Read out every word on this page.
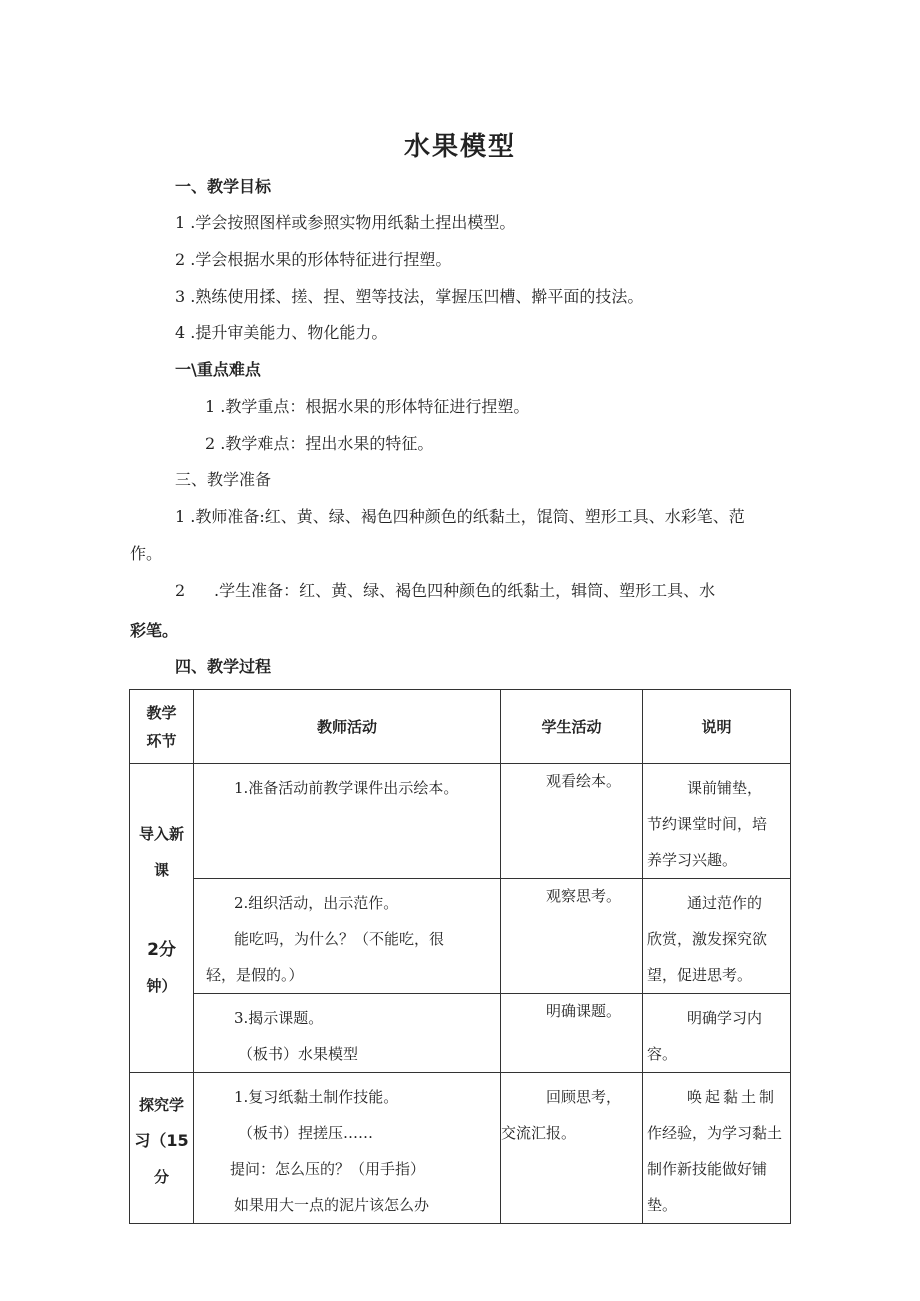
水果模型
一、教学目标
1 .学会按照图样或参照实物用纸黏土捏出模型。
2 .学会根据水果的形体特征进行捏塑。
3 .熟练使用揉、搓、捏、塑等技法，掌握压凹槽、擀平面的技法。
4 .提升审美能力、物化能力。
一\重点难点
1 .教学重点：根据水果的形体特征进行捏塑。
2 .教学难点：捏出水果的特征。
三、教学准备
1 .教师准备:红、黄、绿、褐色四种颜色的纸黏土，馄筒、塑形工具、水彩笔、范
作。
2 .学生准备：红、黄、绿、褐色四种颜色的纸黏土，辑筒、塑形工具、水
彩笔。
四、教学过程
教学
环节	教师活动	学生活动	说明

导入新
课
2分
钟）	1.准备活动前教学课件出示绘本。	观看绘本。	课前铺垫，
节约课堂时间，培
养学习兴趣。

	2.组织活动，出示范作。
能吃吗，为什么？（不能吃，很
轻，是假的。）	观察思考。	通过范作的
欣赏，激发探究欲
望，促进思考。

	3.揭示课题。
（板书）水果模型	明确课题。	明确学习内
容。

探究学
习（15
分	1.复习纸黏土制作技能。
（板书）捏搓压……
提问：怎么压的？（用手指）
如果用大一点的泥片该怎么办	回顾思考，
交流汇报。	唤起黏土制
作经验，为学习黏土
制作新技能做好铺
垫。
